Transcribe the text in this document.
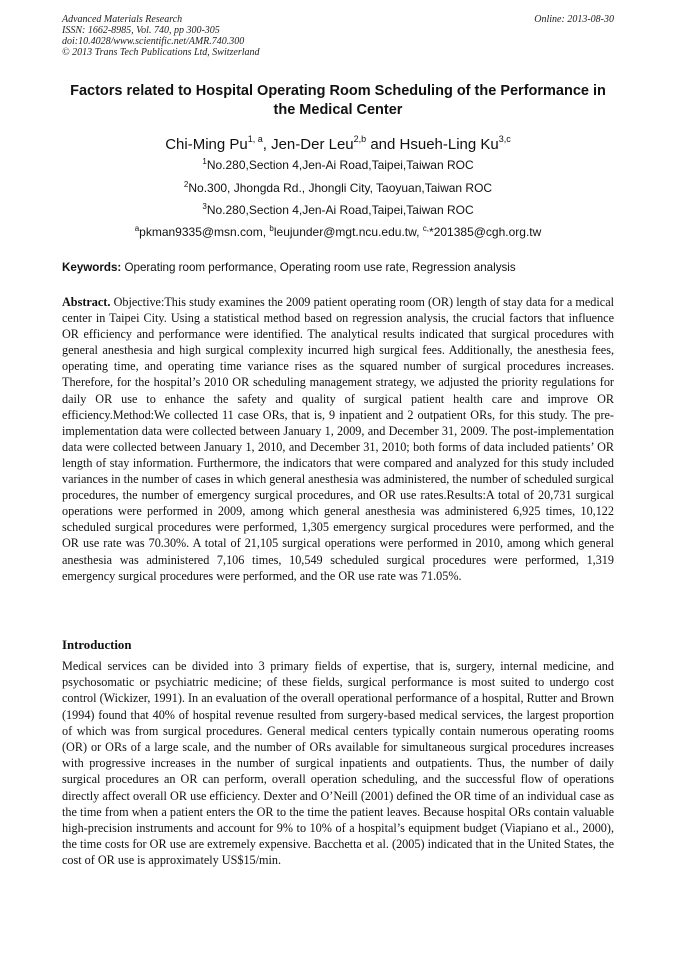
Advanced Materials Research
ISSN: 1662-8985, Vol. 740, pp 300-305
doi:10.4028/www.scientific.net/AMR.740.300
© 2013 Trans Tech Publications Ltd, Switzerland
Online: 2013-08-30
Factors related to Hospital Operating Room Scheduling of the Performance in the Medical Center
Chi-Ming Pu$^{1, a}$, Jen-Der Leu$^{2,b}$ and Hsueh-Ling Ku$^{3,c}$
$^1$No.280,Section 4,Jen-Ai Road,Taipei,Taiwan ROC
$^2$No.300, Jhongda Rd., Jhongli City, Taoyuan,Taiwan ROC
$^3$No.280,Section 4,Jen-Ai Road,Taipei,Taiwan ROC
$^a$pkman9335@msn.com, $^b$leujunder@mgt.ncu.edu.tw, $^{c,}$*201385@cgh.org.tw
Keywords: Operating room performance, Operating room use rate, Regression analysis
Abstract. Objective:This study examines the 2009 patient operating room (OR) length of stay data for a medical center in Taipei City. Using a statistical method based on regression analysis, the crucial factors that influence OR efficiency and performance were identified. The analytical results indicated that surgical procedures with general anesthesia and high surgical complexity incurred high surgical fees. Additionally, the anesthesia fees, operating time, and operating time variance rises as the squared number of surgical procedures increases. Therefore, for the hospital’s 2010 OR scheduling management strategy, we adjusted the priority regulations for daily OR use to enhance the safety and quality of surgical patient health care and improve OR efficiency.Method:We collected 11 case ORs, that is, 9 inpatient and 2 outpatient ORs, for this study. The pre-implementation data were collected between January 1, 2009, and December 31, 2009. The post-implementation data were collected between January 1, 2010, and December 31, 2010; both forms of data included patients’ OR length of stay information. Furthermore, the indicators that were compared and analyzed for this study included variances in the number of cases in which general anesthesia was administered, the number of scheduled surgical procedures, the number of emergency surgical procedures, and OR use rates.Results:A total of 20,731 surgical operations were performed in 2009, among which general anesthesia was administered 6,925 times, 10,122 scheduled surgical procedures were performed, 1,305 emergency surgical procedures were performed, and the OR use rate was 70.30%. A total of 21,105 surgical operations were performed in 2010, among which general anesthesia was administered 7,106 times, 10,549 scheduled surgical procedures were performed, 1,319 emergency surgical procedures were performed, and the OR use rate was 71.05%.
Introduction
Medical services can be divided into 3 primary fields of expertise, that is, surgery, internal medicine, and psychosomatic or psychiatric medicine; of these fields, surgical performance is most suited to undergo cost control (Wickizer, 1991). In an evaluation of the overall operational performance of a hospital, Rutter and Brown (1994) found that 40% of hospital revenue resulted from surgery-based medical services, the largest proportion of which was from surgical procedures. General medical centers typically contain numerous operating rooms (OR) or ORs of a large scale, and the number of ORs available for simultaneous surgical procedures increases with progressive increases in the number of surgical inpatients and outpatients. Thus, the number of daily surgical procedures an OR can perform, overall operation scheduling, and the successful flow of operations directly affect overall OR use efficiency. Dexter and O’Neill (2001) defined the OR time of an individual case as the time from when a patient enters the OR to the time the patient leaves. Because hospital ORs contain valuable high-precision instruments and account for 9% to 10% of a hospital’s equipment budget (Viapiano et al., 2000), the time costs for OR use are extremely expensive. Bacchetta et al. (2005) indicated that in the United States, the cost of OR use is approximately US$15/min.
